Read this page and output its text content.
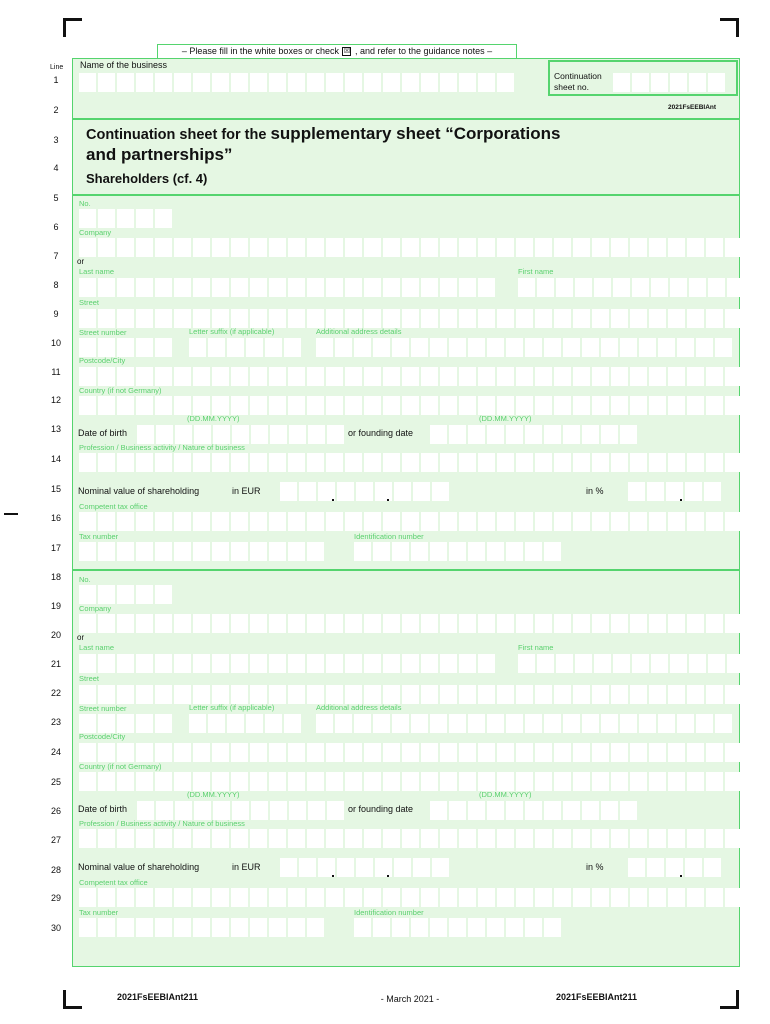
– Please fill in the white boxes or check ☒ , and refer to the guidance notes –
Line
1
2
3
4
5
6
7
8
9
10
11
12
13
14
15
16
17
18
19
20
21
22
23
24
25
26
27
28
29
30
Name of the business
Continuation sheet no.
2021FsEEBIAnt
Continuation sheet for the supplementary sheet “Corporations
and partnerships”
Shareholders (cf. 4)
No.
Company
or
Last name	First name
Street
Street number	Letter suffix (if applicable)	Additional address details
Postcode/City
Country (if not Germany)
(DD.MM.YYYY)	(DD.MM.YYYY)
Date of birth	or founding date
Profession / Business activity / Nature of business
Nominal value of shareholding	in EUR	in %
Competent tax office
Tax number	Identification number
No.
Company
or
Last name	First name
Street
Street number	Letter suffix (if applicable)	Additional address details
Postcode/City
Country (if not Germany)
(DD.MM.YYYY)	(DD.MM.YYYY)
Date of birth	or founding date
Profession / Business activity / Nature of business
Nominal value of shareholding	in EUR	in %
Competent tax office
Tax number	Identification number
2021FsEEBIAnt211	- March 2021 -	2021FsEEBIAnt211
